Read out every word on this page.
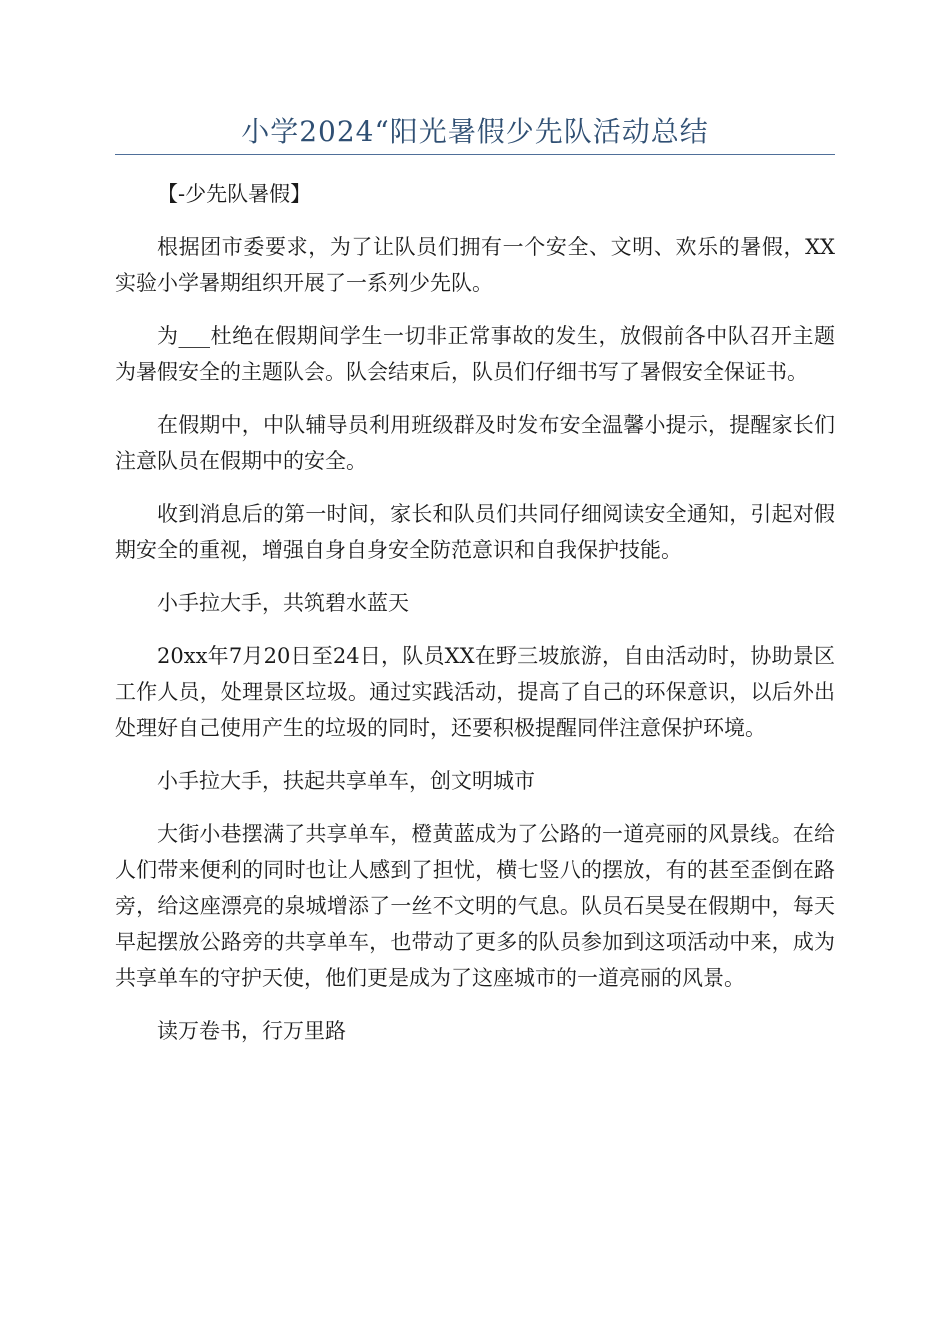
小学2024“阳光暑假少先队活动总结

【-少先队暑假】

根据团市委要求，为了让队员们拥有一个安全、文明、欢乐的暑假，XX实验小学暑期组织开展了一系列少先队。

为___杜绝在假期间学生一切非正常事故的发生，放假前各中队召开主题为暑假安全的主题队会。队会结束后，队员们仔细书写了暑假安全保证书。

在假期中，中队辅导员利用班级群及时发布安全温馨小提示，提醒家长们注意队员在假期中的安全。

收到消息后的第一时间，家长和队员们共同仔细阅读安全通知，引起对假期安全的重视，增强自身自身安全防范意识和自我保护技能。

小手拉大手，共筑碧水蓝天

20xx年7月20日至24日，队员XX在野三坡旅游，自由活动时，协助景区工作人员，处理景区垃圾。通过实践活动，提高了自己的环保意识，以后外出处理好自己使用产生的垃圾的同时，还要积极提醒同伴注意保护环境。

小手拉大手，扶起共享单车，创文明城市

大街小巷摆满了共享单车，橙黄蓝成为了公路的一道亮丽的风景线。在给人们带来便利的同时也让人感到了担忧，横七竖八的摆放，有的甚至歪倒在路旁，给这座漂亮的泉城增添了一丝不文明的气息。队员石昊旻在假期中，每天早起摆放公路旁的共享单车，也带动了更多的队员参加到这项活动中来，成为共享单车的守护天使，他们更是成为了这座城市的一道亮丽的风景。

读万卷书，行万里路
